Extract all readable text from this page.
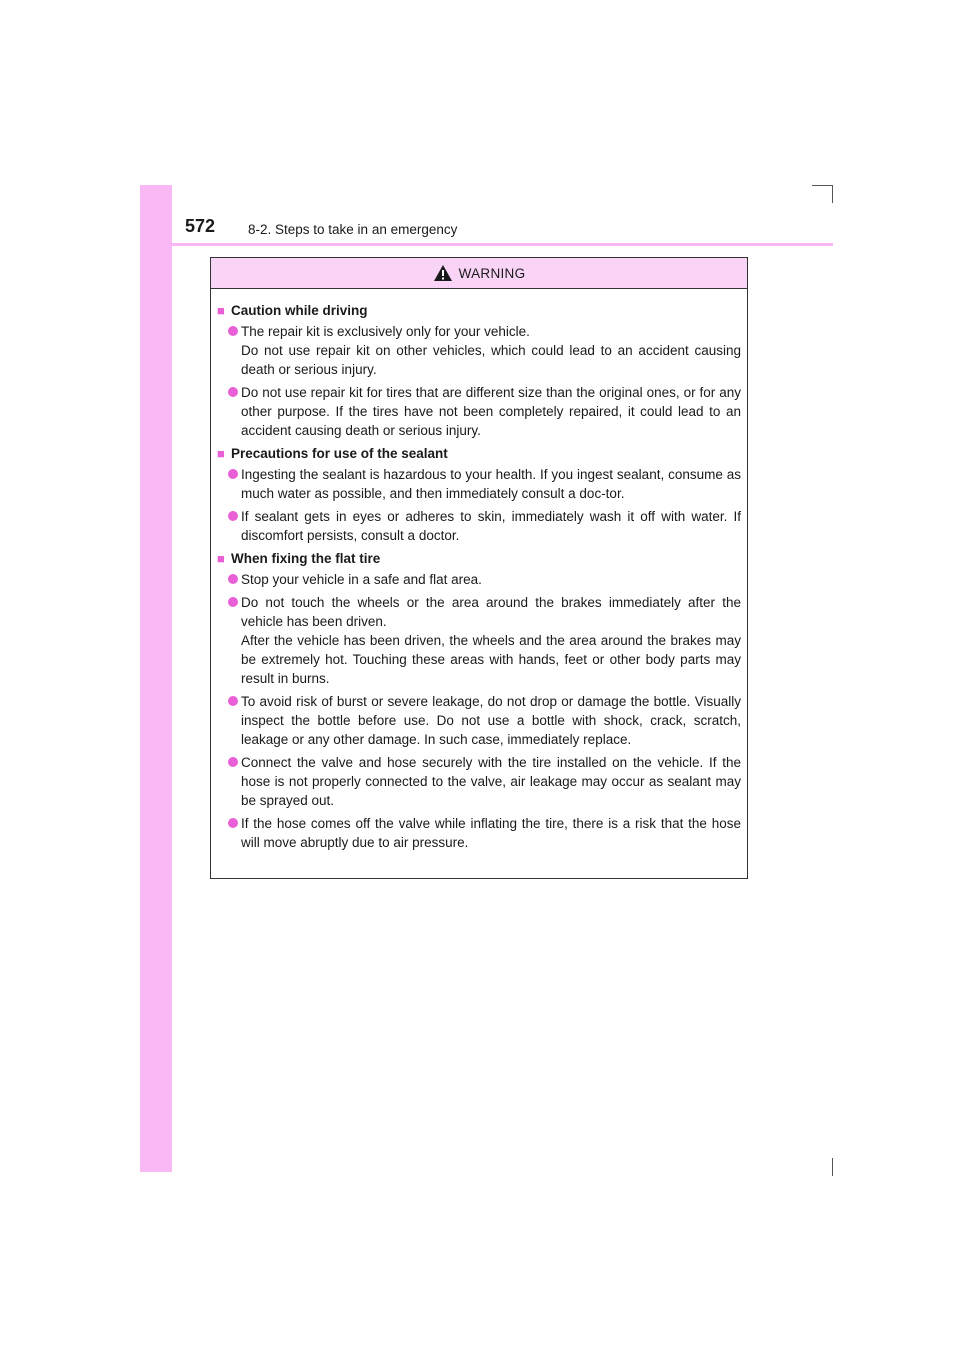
572 8-2. Steps to take in an emergency
WARNING
■ Caution while driving

The repair kit is exclusively only for your vehicle.

Do not use repair kit on other vehicles, which could lead to an accident causing death or serious injury.

Do not use repair kit for tires that are different size than the original ones, or for any other purpose. If the tires have not been completely repaired, it could lead to an accident causing death or serious injury.

■ Precautions for use of the sealant

Ingesting the sealant is hazardous to your health. If you ingest sealant, consume as much water as possible, and then immediately consult a doc-tor.

If sealant gets in eyes or adheres to skin, immediately wash it off with water. If discomfort persists, consult a doctor.

■ When fixing the flat tire

Stop your vehicle in a safe and flat area.

Do not touch the wheels or the area around the brakes immediately after the vehicle has been driven.

After the vehicle has been driven, the wheels and the area around the brakes may be extremely hot. Touching these areas with hands, feet or other body parts may result in burns.

To avoid risk of burst or severe leakage, do not drop or damage the bottle. Visually inspect the bottle before use. Do not use a bottle with shock, crack, scratch, leakage or any other damage. In such case, immediately replace.

Connect the valve and hose securely with the tire installed on the vehicle. If the hose is not properly connected to the valve, air leakage may occur as sealant may be sprayed out.

If the hose comes off the valve while inflating the tire, there is a risk that the hose will move abruptly due to air pressure.
